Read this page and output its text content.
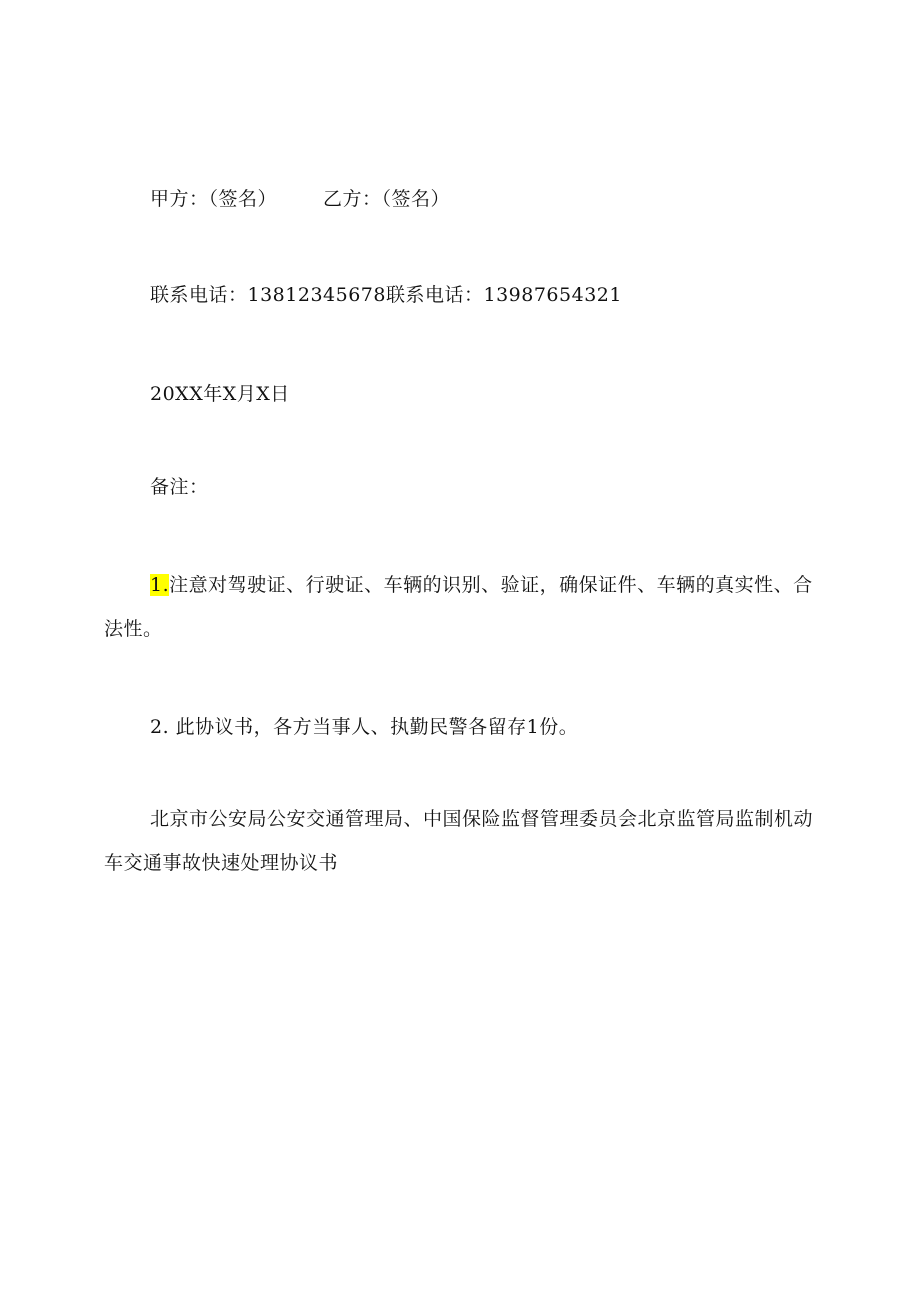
甲方：（签名） 乙方：（签名）
联系电话：13812345678联系电话：13987654321
20XX年X月X日
备注：
1.注意对驾驶证、行驶证、车辆的识别、验证，确保证件、车辆的真实性、合法性。
2. 此协议书，各方当事人、执勤民警各留存1份。
北京市公安局公安交通管理局、中国保险监督管理委员会北京监管局监制机动车交通事故快速处理协议书
